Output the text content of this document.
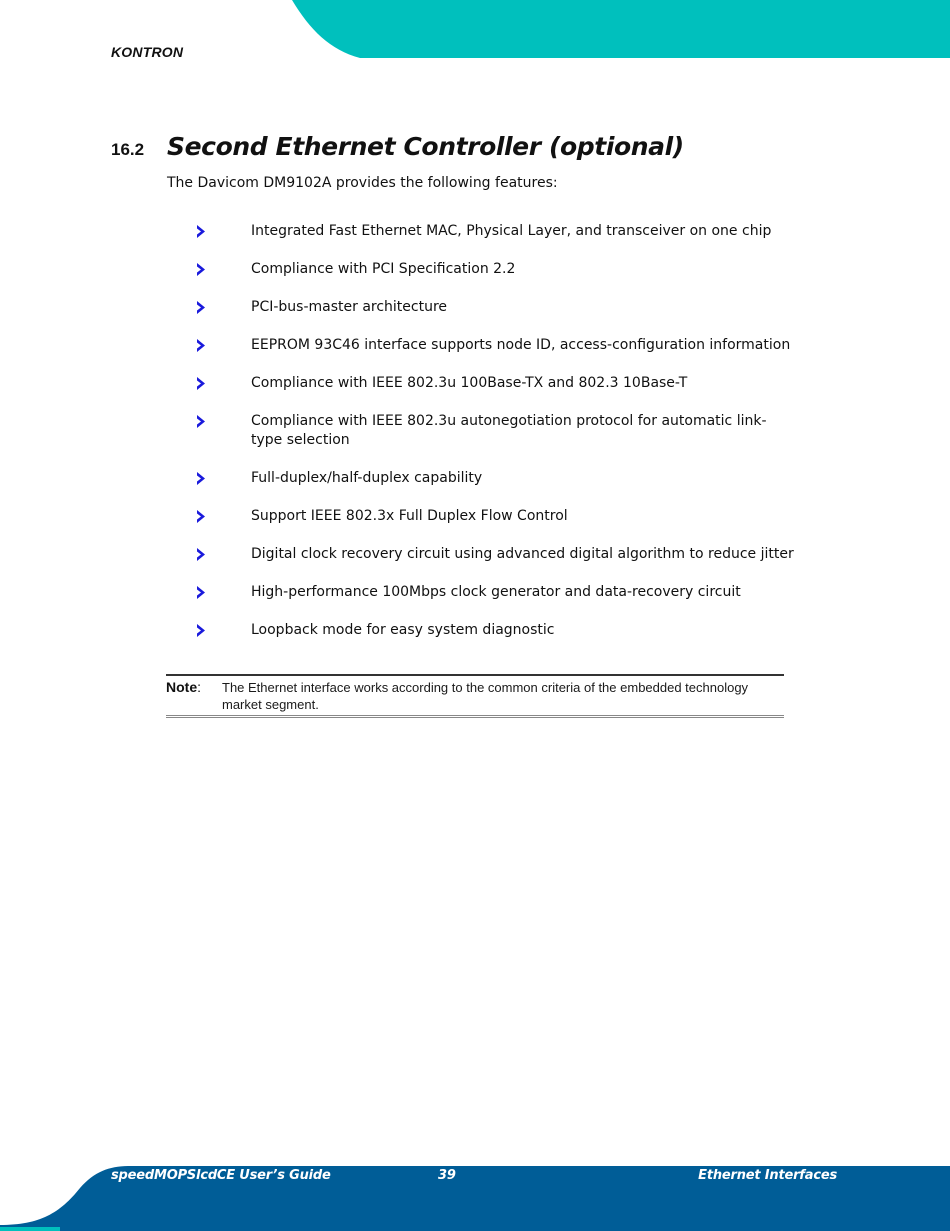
KONTRON
16.2 Second Ethernet Controller (optional)
The Davicom DM9102A provides the following features:
Integrated Fast Ethernet MAC, Physical Layer, and transceiver on one chip
Compliance with PCI Specification 2.2
PCI-bus-master architecture
EEPROM 93C46 interface supports node ID, access-configuration information
Compliance with IEEE 802.3u 100Base-TX and 802.3 10Base-T
Compliance with IEEE 802.3u autonegotiation protocol for automatic link- type selection
Full-duplex/half-duplex capability
Support IEEE 802.3x Full Duplex Flow Control
Digital clock recovery circuit using advanced digital algorithm to reduce jitter
High-performance 100Mbps clock generator and data-recovery circuit
Loopback mode for easy system diagnostic
Note:	The Ethernet interface works according to the common criteria of the embedded technology market segment.
speedMOPSlcdCE User’s Guide	39	Ethernet Interfaces
